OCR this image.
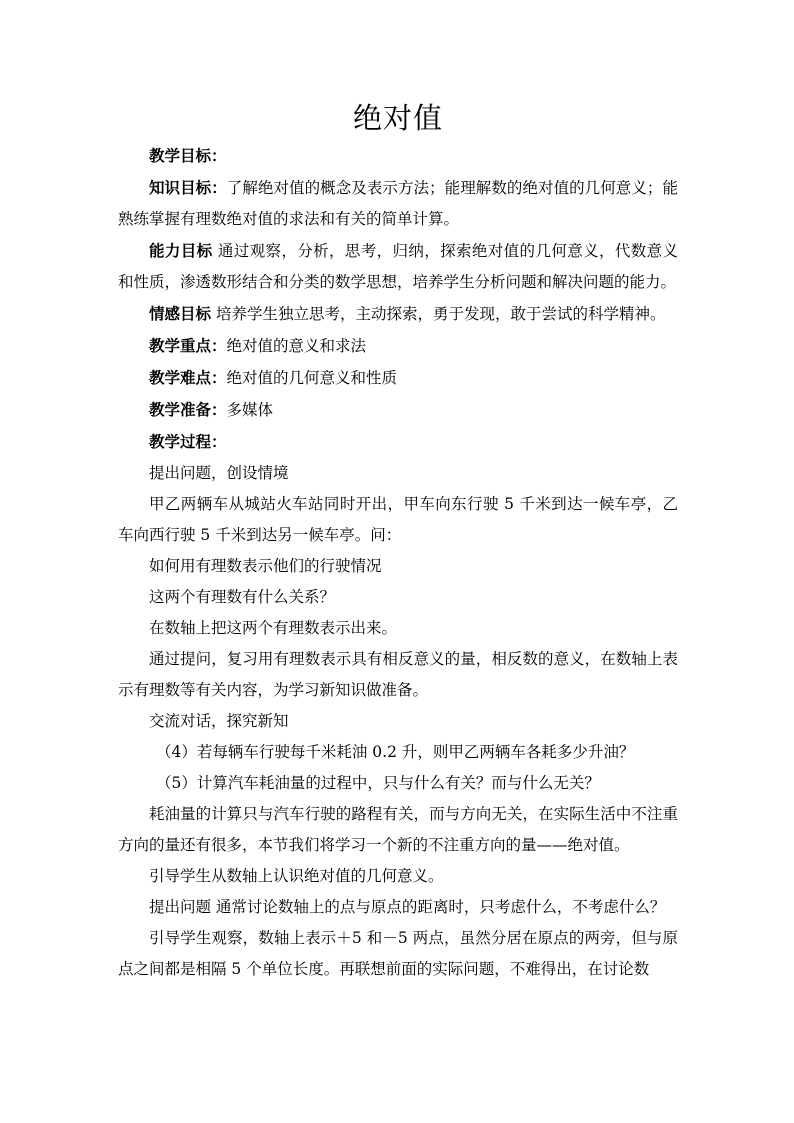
绝对值

教学目标：

知识目标：了解绝对值的概念及表示方法；能理解数的绝对值的几何意义；能熟练掌握有理数绝对值的求法和有关的简单计算。

能力目标 通过观察，分析，思考，归纳，探索绝对值的几何意义，代数意义和性质，渗透数形结合和分类的数学思想，培养学生分析问题和解决问题的能力。

情感目标 培养学生独立思考，主动探索，勇于发现，敢于尝试的科学精神。

教学重点：绝对值的意义和求法

教学难点：绝对值的几何意义和性质

教学准备：多媒体

教学过程：

提出问题，创设情境

甲乙两辆车从城站火车站同时开出，甲车向东行驶 5 千米到达一候车亭，乙车向西行驶 5 千米到达另一候车亭。问：

如何用有理数表示他们的行驶情况

这两个有理数有什么关系？

在数轴上把这两个有理数表示出来。

通过提问，复习用有理数表示具有相反意义的量，相反数的意义，在数轴上表示有理数等有关内容，为学习新知识做准备。

交流对话，探究新知

（4）若每辆车行驶每千米耗油 0.2 升，则甲乙两辆车各耗多少升油？

（5）计算汽车耗油量的过程中，只与什么有关？而与什么无关？

耗油量的计算只与汽车行驶的路程有关，而与方向无关，在实际生活中不注重方向的量还有很多，本节我们将学习一个新的不注重方向的量——绝对值。

引导学生从数轴上认识绝对值的几何意义。

提出问题 通常讨论数轴上的点与原点的距离时，只考虑什么，不考虑什么？

引导学生观察，数轴上表示＋5 和－5 两点，虽然分居在原点的两旁，但与原点之间都是相隔 5 个单位长度。再联想前面的实际问题，不难得出，在讨论数
